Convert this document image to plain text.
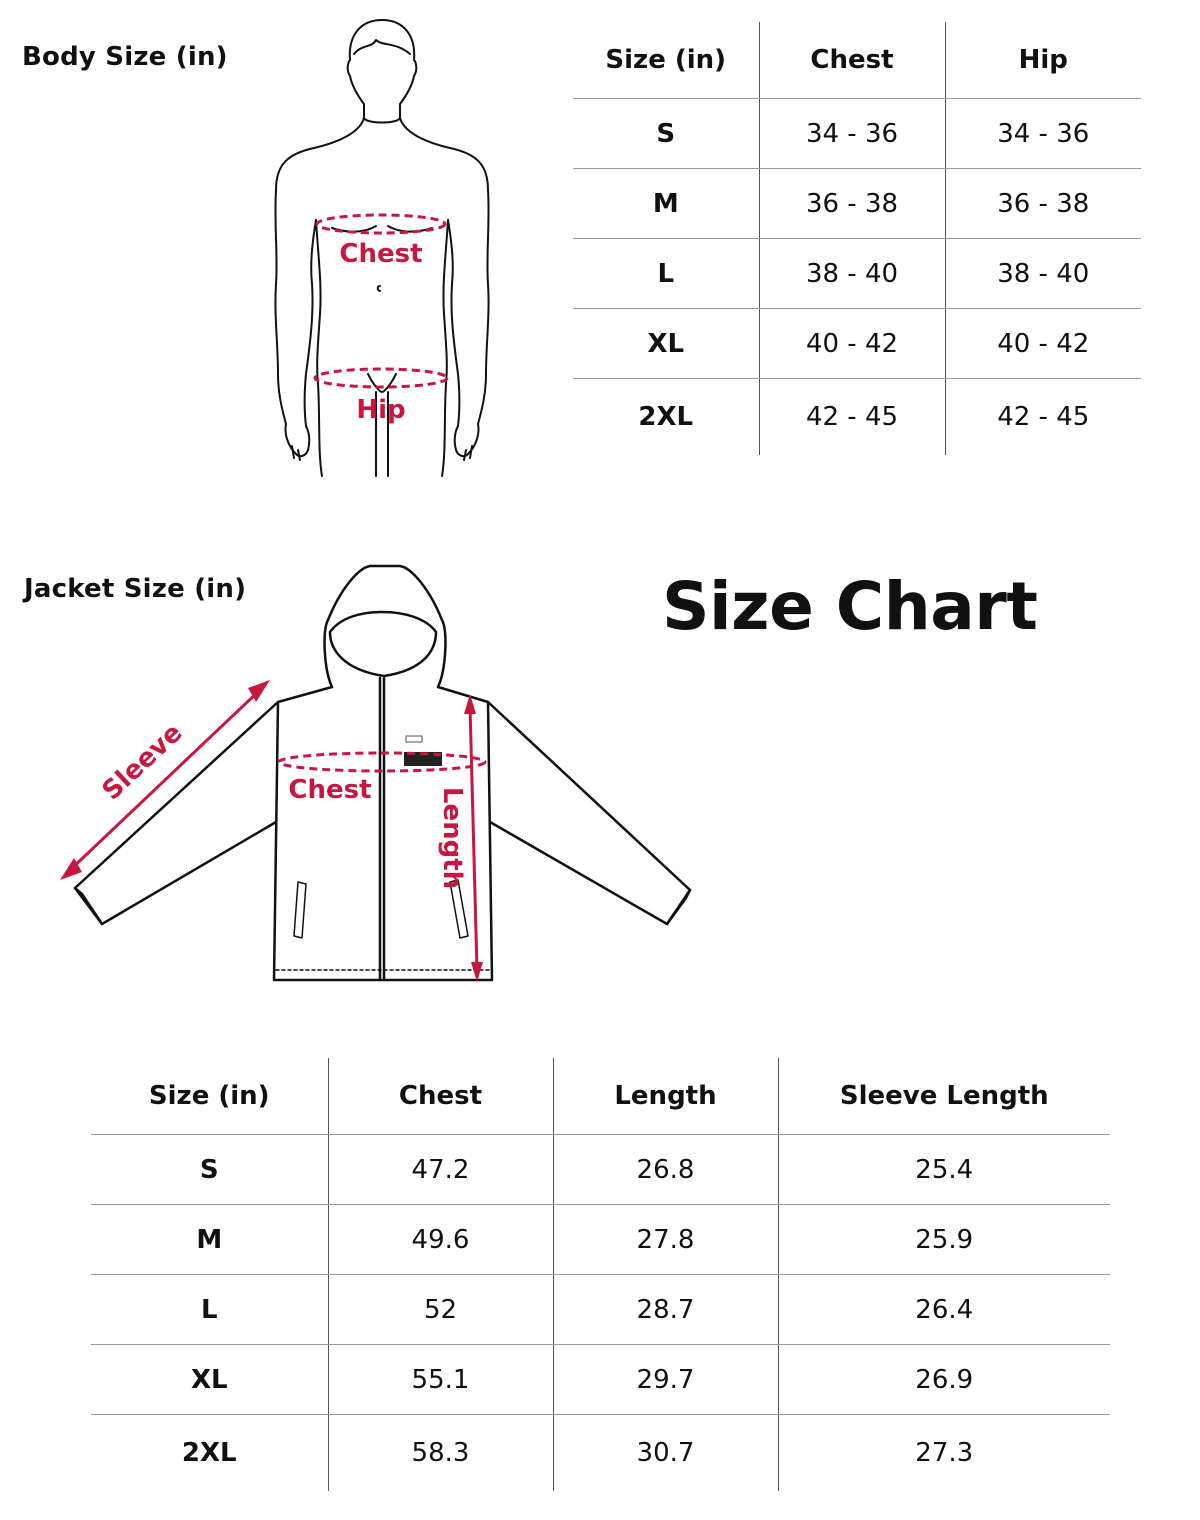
Body Size (in)
Jacket Size (in)	Size Chart
Chest
Hip
Size (in)	Chest	Hip
S	34 - 36	34 - 36
M	36 - 38	36 - 38
L	38 - 40	38 - 40
XL	40 - 42	40 - 42
2XL	42 - 45	42 - 45
Sleeve	Chest	Length
Size (in)	Chest	Length	Sleeve Length
S	47.2	26.8	25.4
M	49.6	27.8	25.9
L	52	28.7	26.4
XL	55.1	29.7	26.9
2XL	58.3	30.7	27.3
